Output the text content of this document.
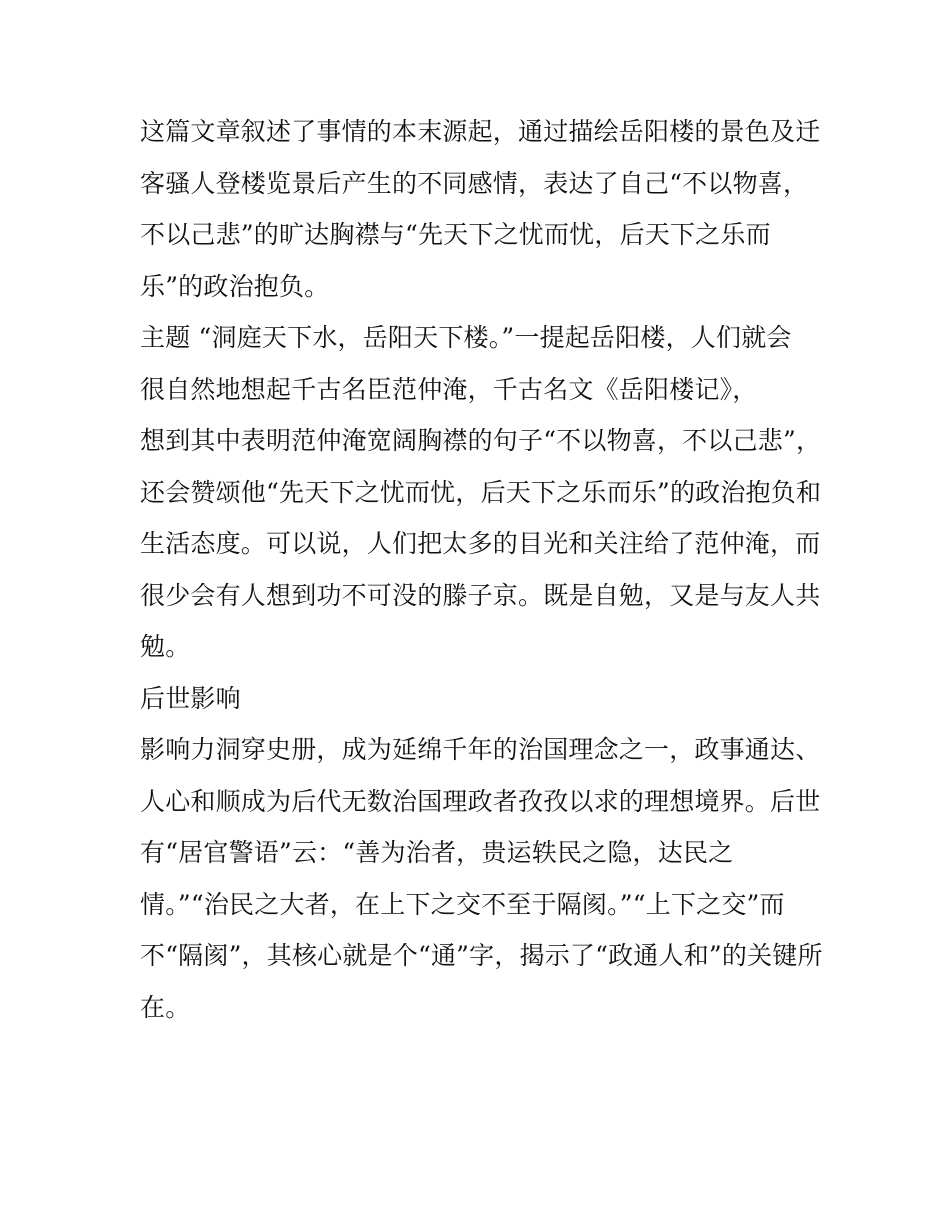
这篇文章叙述了事情的本末源起，通过描绘岳阳楼的景色及迁
客骚人登楼览景后产生的不同感情，表达了自己“不以物喜，
不以己悲”的旷达胸襟与“先天下之忧而忧，后天下之乐而
乐”的政治抱负。
主题 “洞庭天下水，岳阳天下楼。”一提起岳阳楼，人们就会
很自然地想起千古名臣范仲淹，千古名文《岳阳楼记》，
想到其中表明范仲淹宽阔胸襟的句子“不以物喜，不以己悲”，
还会赞颂他“先天下之忧而忧，后天下之乐而乐”的政治抱负和
生活态度。可以说，人们把太多的目光和关注给了范仲淹，而
很少会有人想到功不可没的滕子京。既是自勉，又是与友人共
勉。
后世影响
影响力洞穿史册，成为延绵千年的治国理念之一，政事通达、
人心和顺成为后代无数治国理政者孜孜以求的理想境界。后世
有“居官警语”云：“善为治者，贵运轶民之隐，达民之
情。”“治民之大者，在上下之交不至于隔阂。”“上下之交”而
不“隔阂”，其核心就是个“通”字，揭示了“政通人和”的关键所
在。
